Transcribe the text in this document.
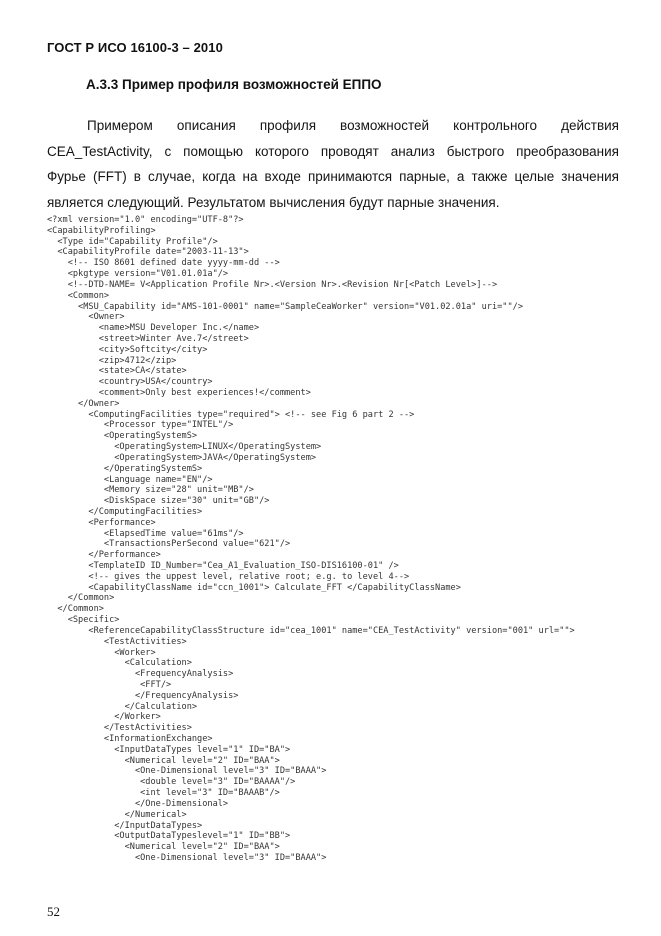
ГОСТ Р ИСО 16100-3 – 2010
А.3.3 Пример профиля возможностей ЕППО
Примером описания профиля возможностей контрольного действия
CEA_TestActivity, с помощью которого проводят анализ быстрого преобразования
Фурье (FFT) в случае, когда на входе принимаются парные, а также целые значения
является следующий. Результатом вычисления будут парные значения.
<?xml version="1.0" encoding="UTF-8"?>
<CapabilityProfiling>
<Type id="Capability Profile"/>
<CapabilityProfile date="2003-11-13">
<!-- ISO 8601 defined date yyyy-mm-dd -->
<pkgtype version="V01.01.01a"/>
<!--DTD-NAME= V<Application Profile Nr>.<Version Nr>.<Revision Nr[<Patch Level>]-->
<Common>
<MSU_Capability id="AMS-101-0001" name="SampleCeaWorker" version="V01.02.01a" uri=""/>
<Owner>
<name>MSU Developer Inc.</name>
<street>Winter Ave.7</street>
<city>Softcity</city>
<zip>4712</zip>
<state>CA</state>
<country>USA</country>
<comment>Only best experiences!</comment>
</Owner>
<ComputingFacilities type="required"> <!-- see Fig 6 part 2 -->
<Processor type="INTEL"/>
<OperatingSystemS>
<OperatingSystem>LINUX</OperatingSystem>
<OperatingSystem>JAVA</OperatingSystem>
</OperatingSystemS>
<Language name="EN"/>
<Memory size="28" unit="MB"/>
<DiskSpace size="30" unit="GB"/>
</ComputingFacilities>
<Performance>
<ElapsedTime value="61ms"/>
<TransactionsPerSecond value="621"/>
</Performance>
<TemplateID ID_Number="Cea_A1_Evaluation_ISO-DIS16100-01" />
<!-- gives the uppest level, relative root; e.g. to level 4-->
<CapabilityClassName id="ccn_1001"> Calculate_FFT </CapabilityClassName>
</Common>
</Common>
<Specific>
<ReferenceCapabilityClassStructure id="cea_1001" name="CEA_TestActivity" version="001" url="">
<TestActivities>
<Worker>
<Calculation>
<FrequencyAnalysis>
<FFT/>
</FrequencyAnalysis>
</Calculation>
</Worker>
</TestActivities>
<InformationExchange>
<InputDataTypes level="1" ID="BA">
<Numerical level="2" ID="BAA">
<One-Dimensional level="3" ID="BAAA">
<double level="3" ID="BAAAA"/>
<int level="3" ID="BAAAB"/>
</One-Dimensional>
</Numerical>
</InputDataTypes>
<OutputDataTypeslevel="1" ID="BB">
<Numerical level="2" ID="BAA">
<One-Dimensional level="3" ID="BAAA">
52
